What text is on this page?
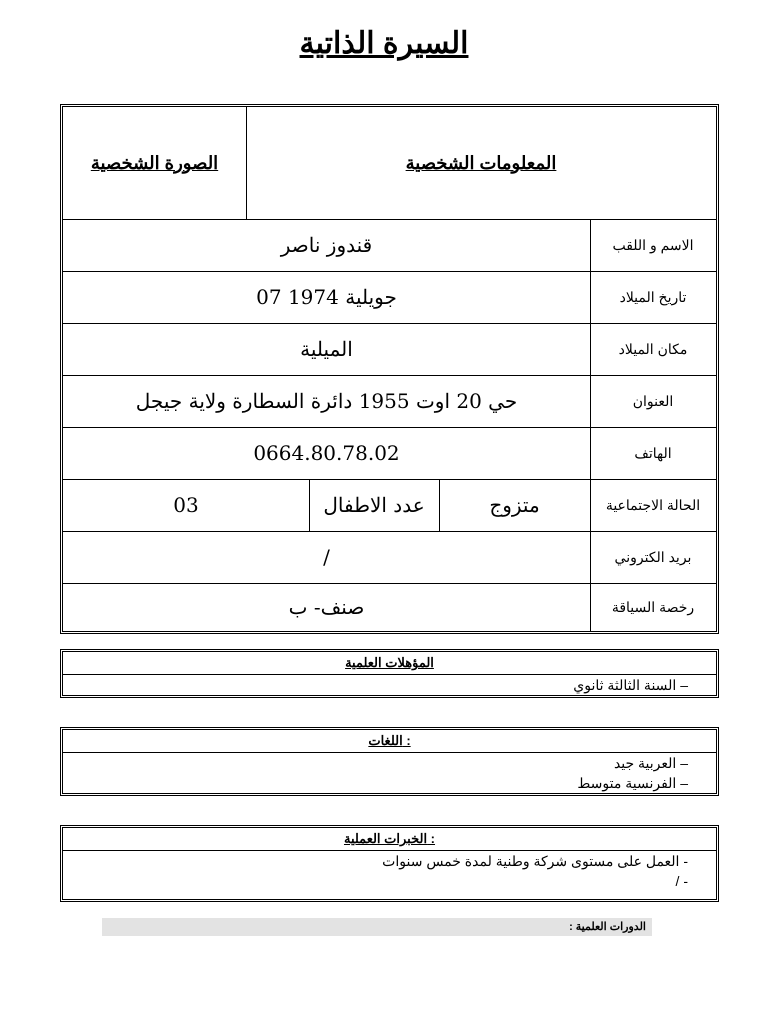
السيرة الذاتية
الصورة الشخصية	المعلومات الشخصية
قندوز ناصر	الاسم و اللقب
07 جويلية 1974	تاريخ الميلاد
الميلية	مكان الميلاد
حي 20 اوت 1955 دائرة السطارة ولاية جيجل	العنوان
0664.80.78.02	الهاتف
03	عدد الاطفال	متزوج	الحالة الاجتماعية
/	بريد الكتروني
صنف- ب	رخصة السياقة
المؤهلات العلمية
– السنة الثالثة ثانوي
اللغات :
– العربية جيد
– الفرنسية متوسط
الخبرات العملية :
- العمل على مستوى شركة وطنية لمدة خمس سنوات
- /
الدورات العلمية :
